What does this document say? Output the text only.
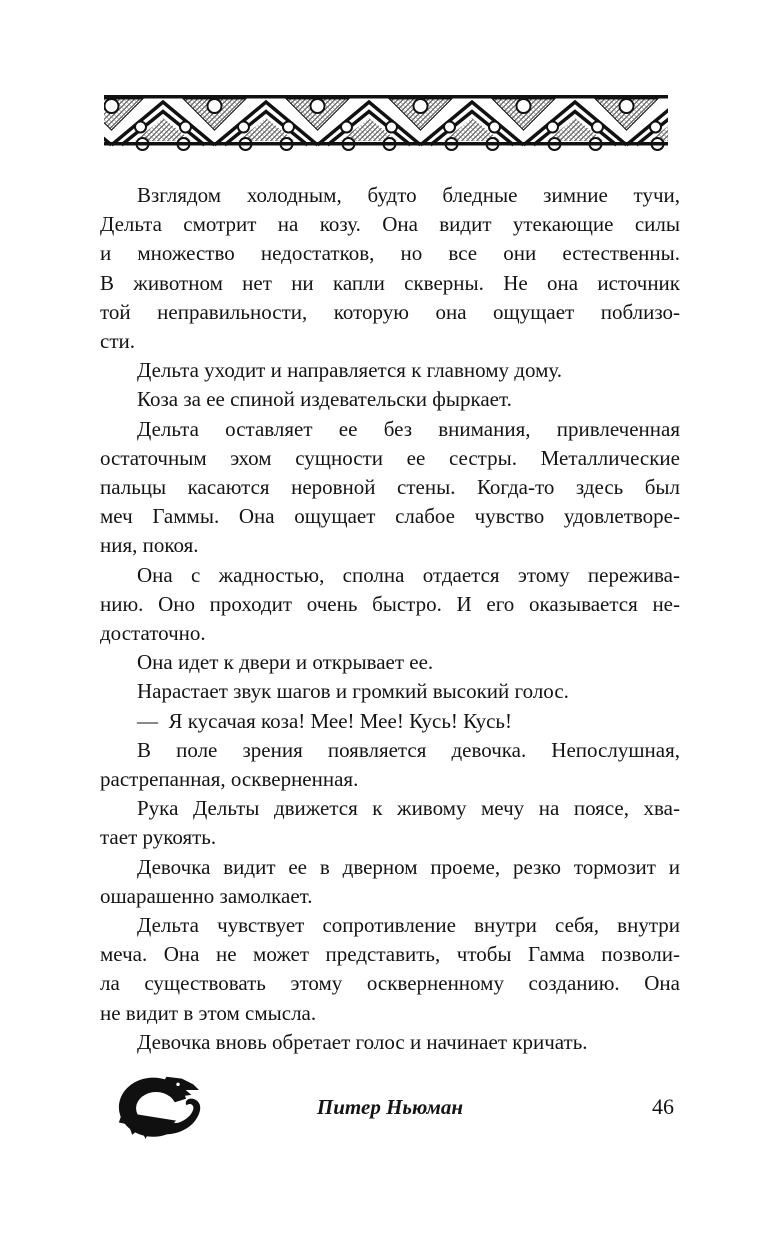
Взглядом холодным, будто бледные зимние тучи,
Дельта смотрит на козу. Она видит утекающие силы
и множество недостатков, но все они естественны.
В животном нет ни капли скверны. Не она источник
той неправильности, которую она ощущает поблизо-
сти.
Дельта уходит и направляется к главному дому.
Коза за ее спиной издевательски фыркает.
Дельта оставляет ее без внимания, привлеченная
остаточным эхом сущности ее сестры. Металлические
пальцы касаются неровной стены. Когда-то здесь был
меч Гаммы. Она ощущает слабое чувство удовлетворе-
ния, покоя.
Она с жадностью, сполна отдается этому пережива-
нию. Оно проходит очень быстро. И его оказывается не-
достаточно.
Она идет к двери и открывает ее.
Нарастает звук шагов и громкий высокий голос.
— Я кусачая коза! Мее! Мее! Кусь! Кусь!
В поле зрения появляется девочка. Непослушная,
растрепанная, оскверненная.
Рука Дельты движется к живому мечу на поясе, хва-
тает рукоять.
Девочка видит ее в дверном проеме, резко тормозит и
ошарашенно замолкает.
Дельта чувствует сопротивление внутри себя, внутри
меча. Она не может представить, чтобы Гамма позволи-
ла существовать этому оскверненному созданию. Она
не видит в этом смысла.
Девочка вновь обретает голос и начинает кричать.
Питер Ньюман	46
